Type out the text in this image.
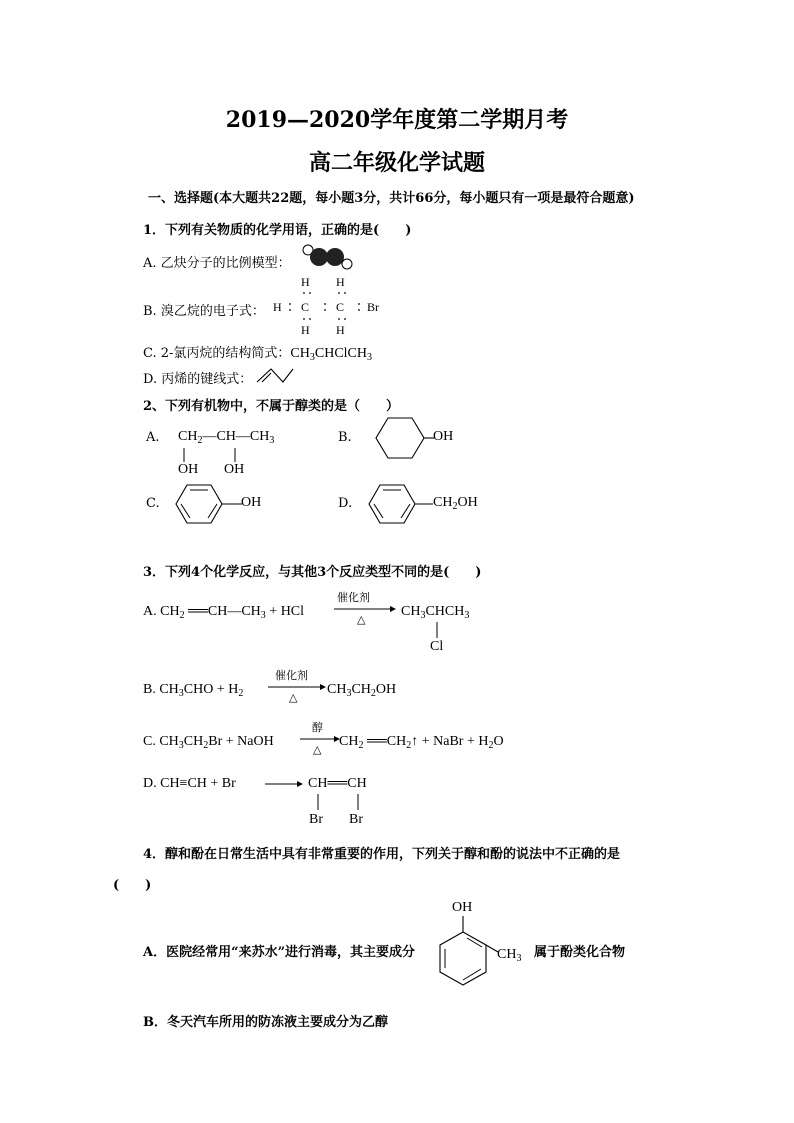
2019—2020学年度第二学期月考
高二年级化学试题
一、选择题(本大题共22题，每小题3分，共计66分，每小题只有一项是最符合题意)
1．下列有关物质的化学用语，正确的是(　　)
A. 乙炔分子的比例模型：
B. 溴乙烷的电子式：
H H
H C C Br
H H
C. 2-氯丙烷的结构简式：$CH_3CHClCH_3$
D. 丙烯的键线式：
2、下列有机物中，不属于醇类的是（　　）
A. $CH_2—CH—CH_3$
OH OH
B.	OH
C.	OH	D.	$CH_2OH$
3．下列4个化学反应，与其他3个反应类型不同的是(　　)
A. $CH_2$ $══CH—CH_3$ + HCl
催化剂
△
$CH_3CHCH_3$
Cl
B. $CH_3CHO + H_2$
催化剂
△
$CH_3CH_2OH$
C. $CH_3CH_2Br$ + NaOH
醇
△
$CH_2$ $══CH_2↑$ + NaBr + $H_2O$
D. CH≡CH + Br → CH══CH
Br Br
4．醇和酚在日常生活中具有非常重要的作用，下列关于醇和酚的说法中不正确的是
(　　)
OH
A．医院经常用“来苏水”进行消毒，其主要成分	$CH_3$ 属于酚类化合物
B．冬天汽车所用的防冻液主要成分为乙醇
